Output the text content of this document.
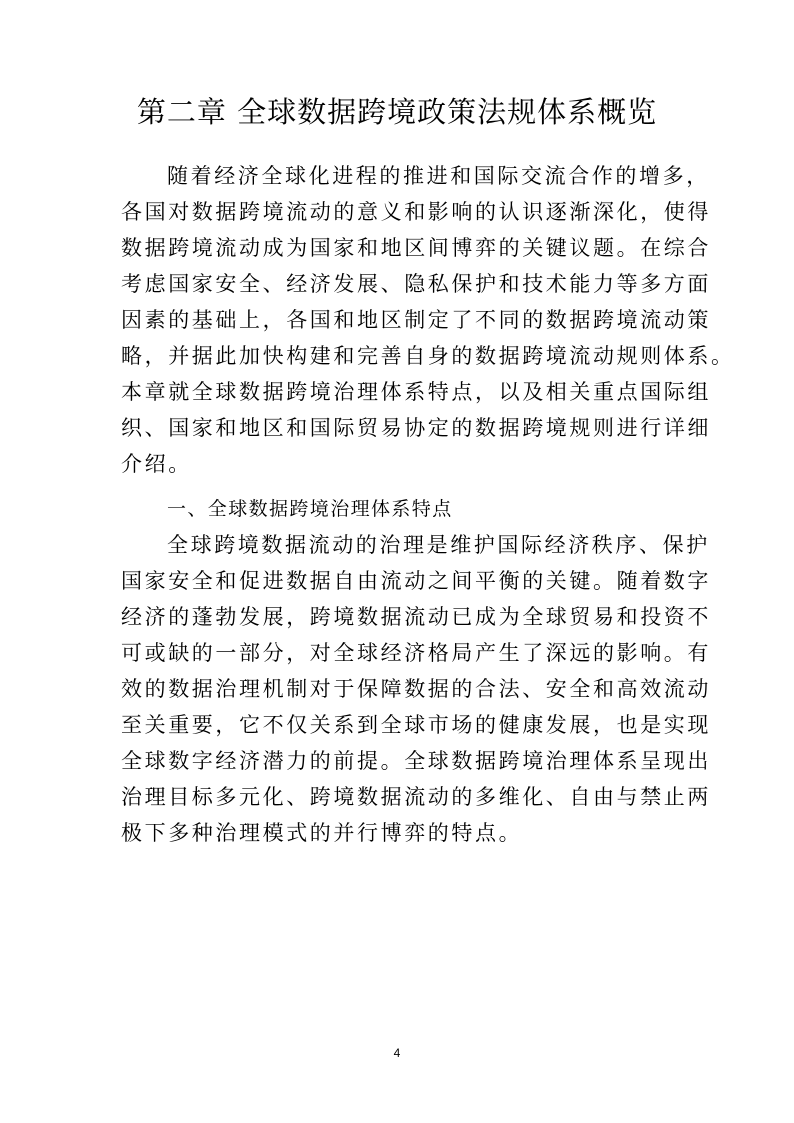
第二章 全球数据跨境政策法规体系概览
随着经济全球化进程的推进和国际交流合作的增多，
各国对数据跨境流动的意义和影响的认识逐渐深化，使得
数据跨境流动成为国家和地区间博弈的关键议题。在综合
考虑国家安全、经济发展、隐私保护和技术能力等多方面
因素的基础上，各国和地区制定了不同的数据跨境流动策
略，并据此加快构建和完善自身的数据跨境流动规则体系。
本章就全球数据跨境治理体系特点，以及相关重点国际组
织、国家和地区和国际贸易协定的数据跨境规则进行详细
介绍。
一、全球数据跨境治理体系特点
全球跨境数据流动的治理是维护国际经济秩序、保护
国家安全和促进数据自由流动之间平衡的关键。随着数字
经济的蓬勃发展，跨境数据流动已成为全球贸易和投资不
可或缺的一部分，对全球经济格局产生了深远的影响。有
效的数据治理机制对于保障数据的合法、安全和高效流动
至关重要，它不仅关系到全球市场的健康发展，也是实现
全球数字经济潜力的前提。全球数据跨境治理体系呈现出
治理目标多元化、跨境数据流动的多维化、自由与禁止两
极下多种治理模式的并行博弈的特点。
4
